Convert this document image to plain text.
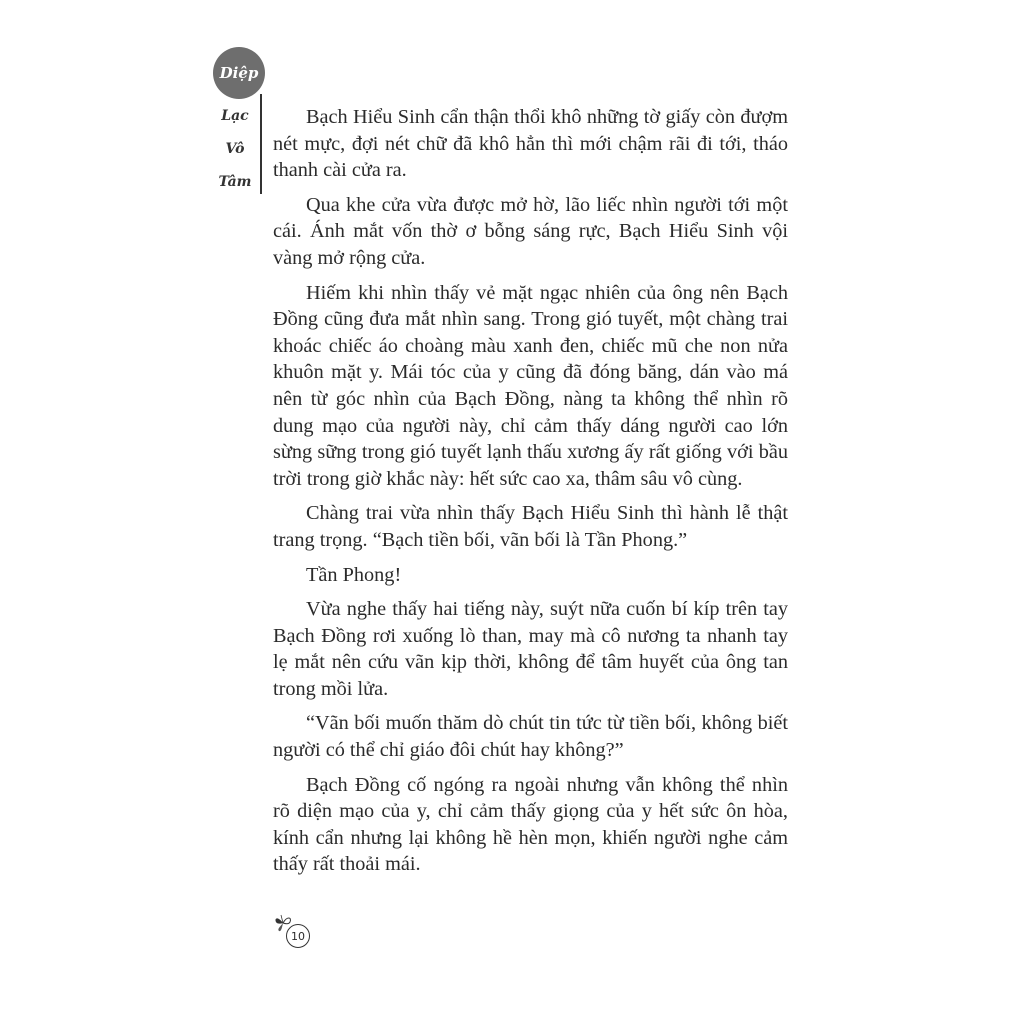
Diệp
Lạc
Vô
Tâm

Bạch Hiểu Sinh cẩn thận thổi khô những tờ giấy còn đượm nét mực, đợi nét chữ đã khô hẳn thì mới chậm rãi đi tới, tháo thanh cài cửa ra.

Qua khe cửa vừa được mở hờ, lão liếc nhìn người tới một cái. Ánh mắt vốn thờ ơ bỗng sáng rực, Bạch Hiểu Sinh vội vàng mở rộng cửa.

Hiếm khi nhìn thấy vẻ mặt ngạc nhiên của ông nên Bạch Đồng cũng đưa mắt nhìn sang. Trong gió tuyết, một chàng trai khoác chiếc áo choàng màu xanh đen, chiếc mũ che non nửa khuôn mặt y. Mái tóc của y cũng đã đóng băng, dán vào má nên từ góc nhìn của Bạch Đồng, nàng ta không thể nhìn rõ dung mạo của người này, chỉ cảm thấy dáng người cao lớn sừng sững trong gió tuyết lạnh thấu xương ấy rất giống với bầu trời trong giờ khắc này: hết sức cao xa, thâm sâu vô cùng.

Chàng trai vừa nhìn thấy Bạch Hiểu Sinh thì hành lễ thật trang trọng. “Bạch tiền bối, vãn bối là Tần Phong.”

Tần Phong!

Vừa nghe thấy hai tiếng này, suýt nữa cuốn bí kíp trên tay Bạch Đồng rơi xuống lò than, may mà cô nương ta nhanh tay lẹ mắt nên cứu vãn kịp thời, không để tâm huyết của ông tan trong mồi lửa.

“Vãn bối muốn thăm dò chút tin tức từ tiền bối, không biết người có thể chỉ giáo đôi chút hay không?”

Bạch Đồng cố ngóng ra ngoài nhưng vẫn không thể nhìn rõ diện mạo của y, chỉ cảm thấy giọng của y hết sức ôn hòa, kính cẩn nhưng lại không hề hèn mọn, khiến người nghe cảm thấy rất thoải mái.

10
